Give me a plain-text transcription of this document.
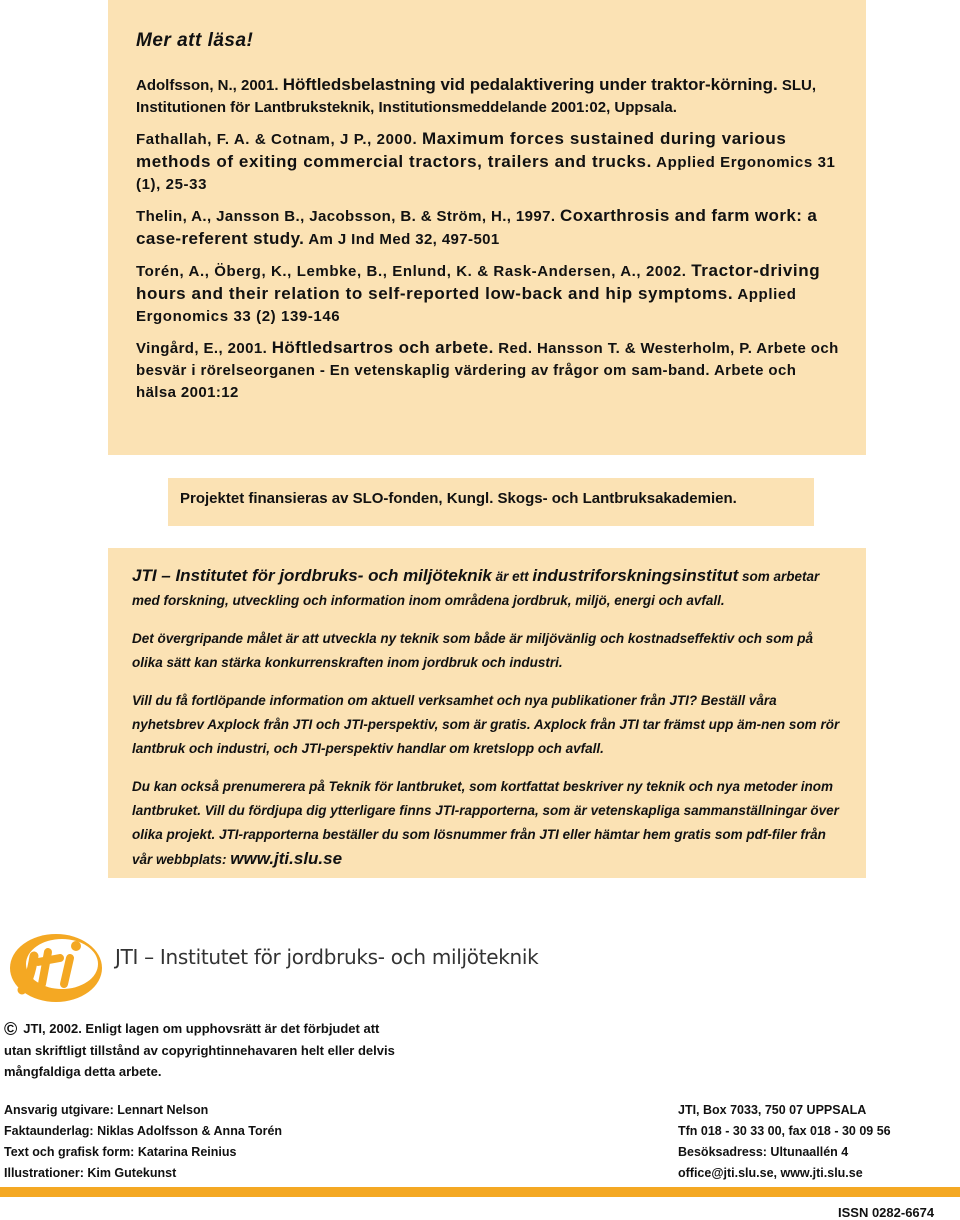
Mer att läsa!
Adolfsson, N., 2001. Höftledsbelastning vid pedalaktivering under traktor-körning. SLU, Institutionen för Lantbruksteknik, Institutionsmeddelande 2001:02, Uppsala.
Fathallah, F. A. & Cotnam, J P., 2000. Maximum forces sustained during various methods of exiting commercial tractors, trailers and trucks. Applied Ergonomics 31 (1), 25-33
Thelin, A., Jansson B., Jacobsson, B. & Ström, H., 1997. Coxarthrosis and farm work: a case-referent study. Am J Ind Med 32, 497-501
Torén, A., Öberg, K., Lembke, B., Enlund, K. & Rask-Andersen, A., 2002. Tractor-driving hours and their relation to self-reported low-back and hip symptoms. Applied Ergonomics 33 (2) 139-146
Vingård, E., 2001. Höftledsartros och arbete. Red. Hansson T. & Westerholm, P. Arbete och besvär i rörelseorganen - En vetenskaplig värdering av frågor om sam-band. Arbete och hälsa 2001:12
Projektet finansieras av SLO-fonden, Kungl. Skogs- och Lantbruksakademien.

JTI – Institutet för jordbruks- och miljöteknik är ett industriforskningsinstitut som arbetar med forskning, utveckling och information inom områdena jordbruk, miljö, energi och avfall.

Det övergripande målet är att utveckla ny teknik som både är miljövänlig och kostnadseffektiv och som på olika sätt kan stärka konkurrenskraften inom jordbruk och industri.

Vill du få fortlöpande information om aktuell verksamhet och nya publikationer från JTI? Beställ våra nyhetsbrev Axplock från JTI och JTI-perspektiv, som är gratis. Axplock från JTI tar främst upp äm-nen som rör lantbruk och industri, och JTI-perspektiv handlar om kretslopp och avfall.

Du kan också prenumerera på Teknik för lantbruket, som kortfattat beskriver ny teknik och nya metoder inom lantbruket. Vill du fördjupa dig ytterligare finns JTI-rapporterna, som är vetenskapliga sammanställningar över olika projekt. JTI-rapporterna beställer du som lösnummer från JTI eller hämtar hem gratis som pdf-filer från vår webbplats: www.jti.slu.se

JTI – Institutet för jordbruks- och miljöteknik
© JTI, 2002. Enligt lagen om upphovsrätt är det förbjudet att utan skriftligt tillstånd av copyrightinnehavaren helt eller delvis mångfaldiga detta arbete.
Ansvarig utgivare: Lennart Nelson
Faktaunderlag: Niklas Adolfsson & Anna Torén
Text och grafisk form: Katarina Reinius
Illustrationer: Kim Gutekunst
JTI, Box 7033, 750 07 UPPSALA
Tfn 018 - 30 33 00, fax 018 - 30 09 56
Besöksadress: Ultunaallén 4
office@jti.slu.se, www.jti.slu.se
ISSN 0282-6674
